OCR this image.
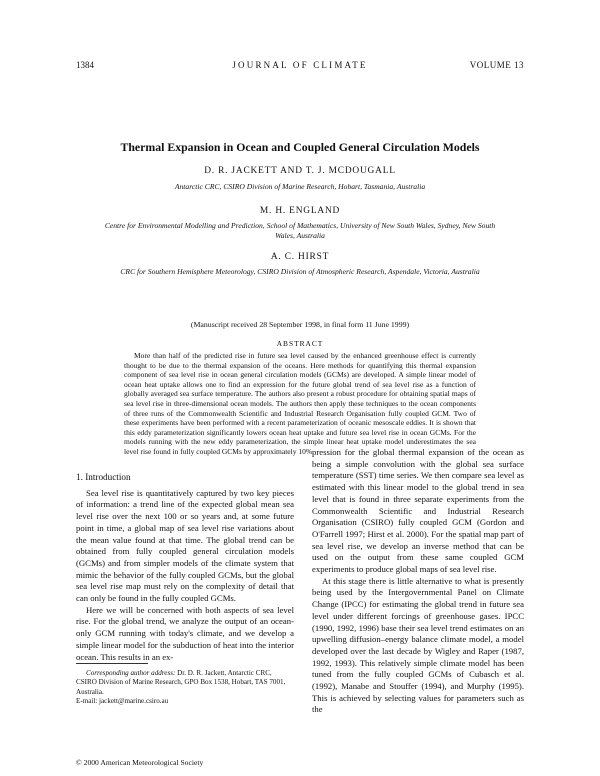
1384	JOURNAL OF CLIMATE	VOLUME 13
Thermal Expansion in Ocean and Coupled General Circulation Models
D. R. JACKETT AND T. J. MCDOUGALL
Antarctic CRC, CSIRO Division of Marine Research, Hobart, Tasmania, Australia
M. H. ENGLAND
Centre for Environmental Modelling and Prediction, School of Mathematics, University of New South Wales, Sydney, New South Wales, Australia
A. C. HIRST
CRC for Southern Hemisphere Meteorology, CSIRO Division of Atmospheric Research, Aspendale, Victoria, Australia
(Manuscript received 28 September 1998, in final form 11 June 1999)
ABSTRACT
More than half of the predicted rise in future sea level caused by the enhanced greenhouse effect is currently thought to be due to the thermal expansion of the oceans. Here methods for quantifying this thermal expansion component of sea level rise in ocean general circulation models (GCMs) are developed. A simple linear model of ocean heat uptake allows one to find an expression for the future global trend of sea level rise as a function of globally averaged sea surface temperature. The authors also present a robust procedure for obtaining spatial maps of sea level rise in three-dimensional ocean models. The authors then apply these techniques to the ocean components of three runs of the Commonwealth Scientific and Industrial Research Organisation fully coupled GCM. Two of these experiments have been performed with a recent parameterization of oceanic mesoscale eddies. It is shown that this eddy parameterization significantly lowers ocean heat uptake and future sea level rise in ocean GCMs. For the models running with the new eddy parameterization, the simple linear heat uptake model underestimates the sea level rise found in fully coupled GCMs by approximately 10%.
1. Introduction

Sea level rise is quantitatively captured by two key pieces of information: a trend line of the expected global mean sea level rise over the next 100 or so years and, at some future point in time, a global map of sea level rise variations about the mean value found at that time. The global trend can be obtained from fully coupled general circulation models (GCMs) and from simpler models of the climate system that mimic the behavior of the fully coupled GCMs, but the global sea level rise map must rely on the complexity of detail that can only be found in the fully coupled GCMs.

Here we will be concerned with both aspects of sea level rise. For the global trend, we analyze the output of an ocean-only GCM running with today's climate, and we develop a simple linear model for the subduction of heat into the interior ocean. This results in an ex-

pression for the global thermal expansion of the ocean as being a simple convolution with the global sea surface temperature (SST) time series. We then compare sea level as estimated with this linear model to the global trend in sea level that is found in three separate experiments from the Commonwealth Scientific and Industrial Research Organisation (CSIRO) fully coupled GCM (Gordon and O'Farrell 1997; Hirst et al. 2000). For the spatial map part of sea level rise, we develop an inverse method that can be used on the output from these same coupled GCM experiments to produce global maps of sea level rise.

At this stage there is little alternative to what is presently being used by the Intergovernmental Panel on Climate Change (IPCC) for estimating the global trend in future sea level under different forcings of greenhouse gases. IPCC (1990, 1992, 1996) base their sea level trend estimates on an upwelling diffusion–energy balance climate model, a model developed over the last decade by Wigley and Raper (1987, 1992, 1993). This relatively simple climate model has been tuned from the fully coupled GCMs of Cubasch et al. (1992), Manabe and Stouffer (1994), and Murphy (1995). This is achieved by selecting values for parameters such as the

Corresponding author address: Dr. D. R. Jackett, Antarctic CRC, CSIRO Division of Marine Research, GPO Box 1538, Hobart, TAS 7001, Australia.

E-mail: jackett@marine.csiro.au

© 2000 American Meteorological Society
